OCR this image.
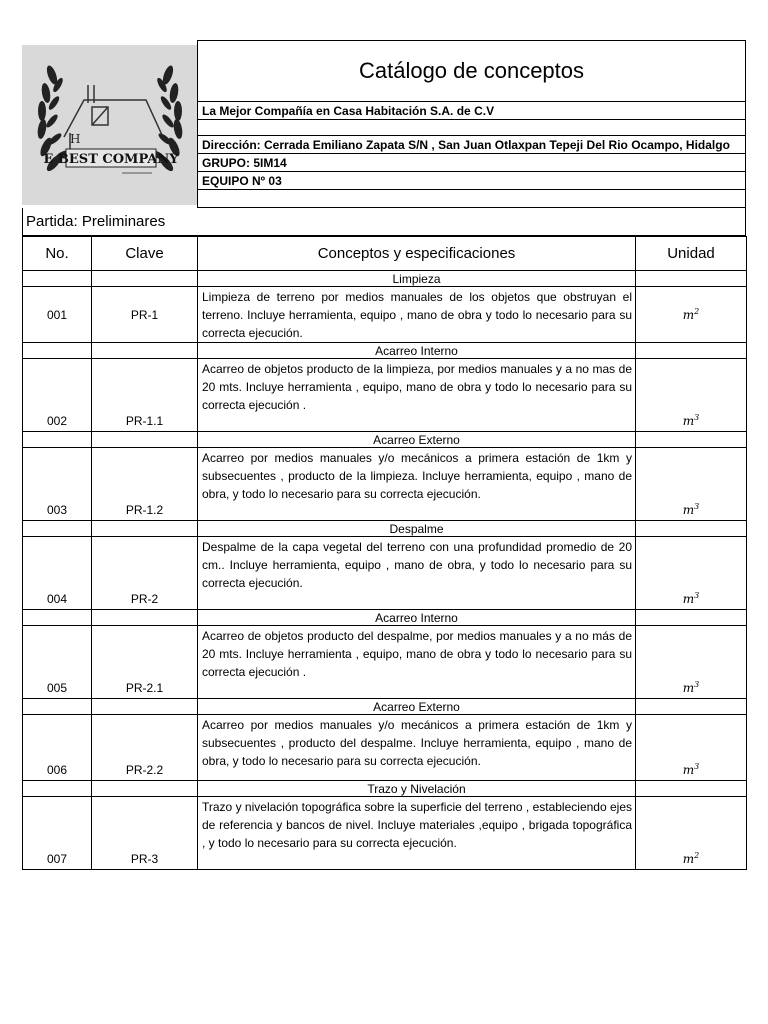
H
E BEST COMPANY
Catálogo de conceptos
La Mejor Compañía en Casa Habitación S.A. de C.V
Dirección: Cerrada Emiliano Zapata S/N , San Juan Otlaxpan Tepeji Del Rio Ocampo, Hidalgo
GRUPO: 5IM14
EQUIPO Nº 03
Partida: Preliminares
No.	Clave	Conceptos y especificaciones	Unidad
		Limpieza	
001	PR-1	Limpieza de terreno por medios manuales de los objetos que obstruyan el terreno. Incluye herramienta, equipo , mano de obra y todo lo necesario para su correcta ejecución.	$m^2$
		Acarreo Interno	
002	PR-1.1	Acarreo de objetos producto de la limpieza, por medios manuales y a no mas de 20 mts. Incluye herramienta , equipo, mano de obra y todo lo necesario para su correcta ejecución .	$m^3$
		Acarreo Externo	
003	PR-1.2	Acarreo por medios manuales y/o mecánicos a primera estación de 1km y subsecuentes , producto de la limpieza. Incluye herramienta, equipo , mano de obra, y todo lo necesario para su correcta ejecución.	$m^3$
		Despalme	
004	PR-2	Despalme de la capa vegetal del terreno con una profundidad promedio de 20 cm.. Incluye herramienta, equipo , mano de obra, y todo lo necesario para su correcta ejecución.	$m^3$
		Acarreo Interno	
005	PR-2.1	Acarreo de objetos producto del despalme, por medios manuales y a no más de 20 mts. Incluye herramienta , equipo, mano de obra y todo lo necesario para su correcta ejecución .	$m^3$
		Acarreo Externo	
006	PR-2.2	Acarreo por medios manuales y/o mecánicos a primera estación de 1km y subsecuentes , producto del despalme. Incluye herramienta, equipo , mano de obra, y todo lo necesario para su correcta ejecución.	$m^3$
		Trazo y Nivelación	
007	PR-3	Trazo y nivelación topográfica sobre la superficie del terreno , estableciendo ejes de referencia y bancos de nivel. Incluye materiales ,equipo , brigada topográfica , y todo lo necesario para su correcta ejecución.	$m^2$
